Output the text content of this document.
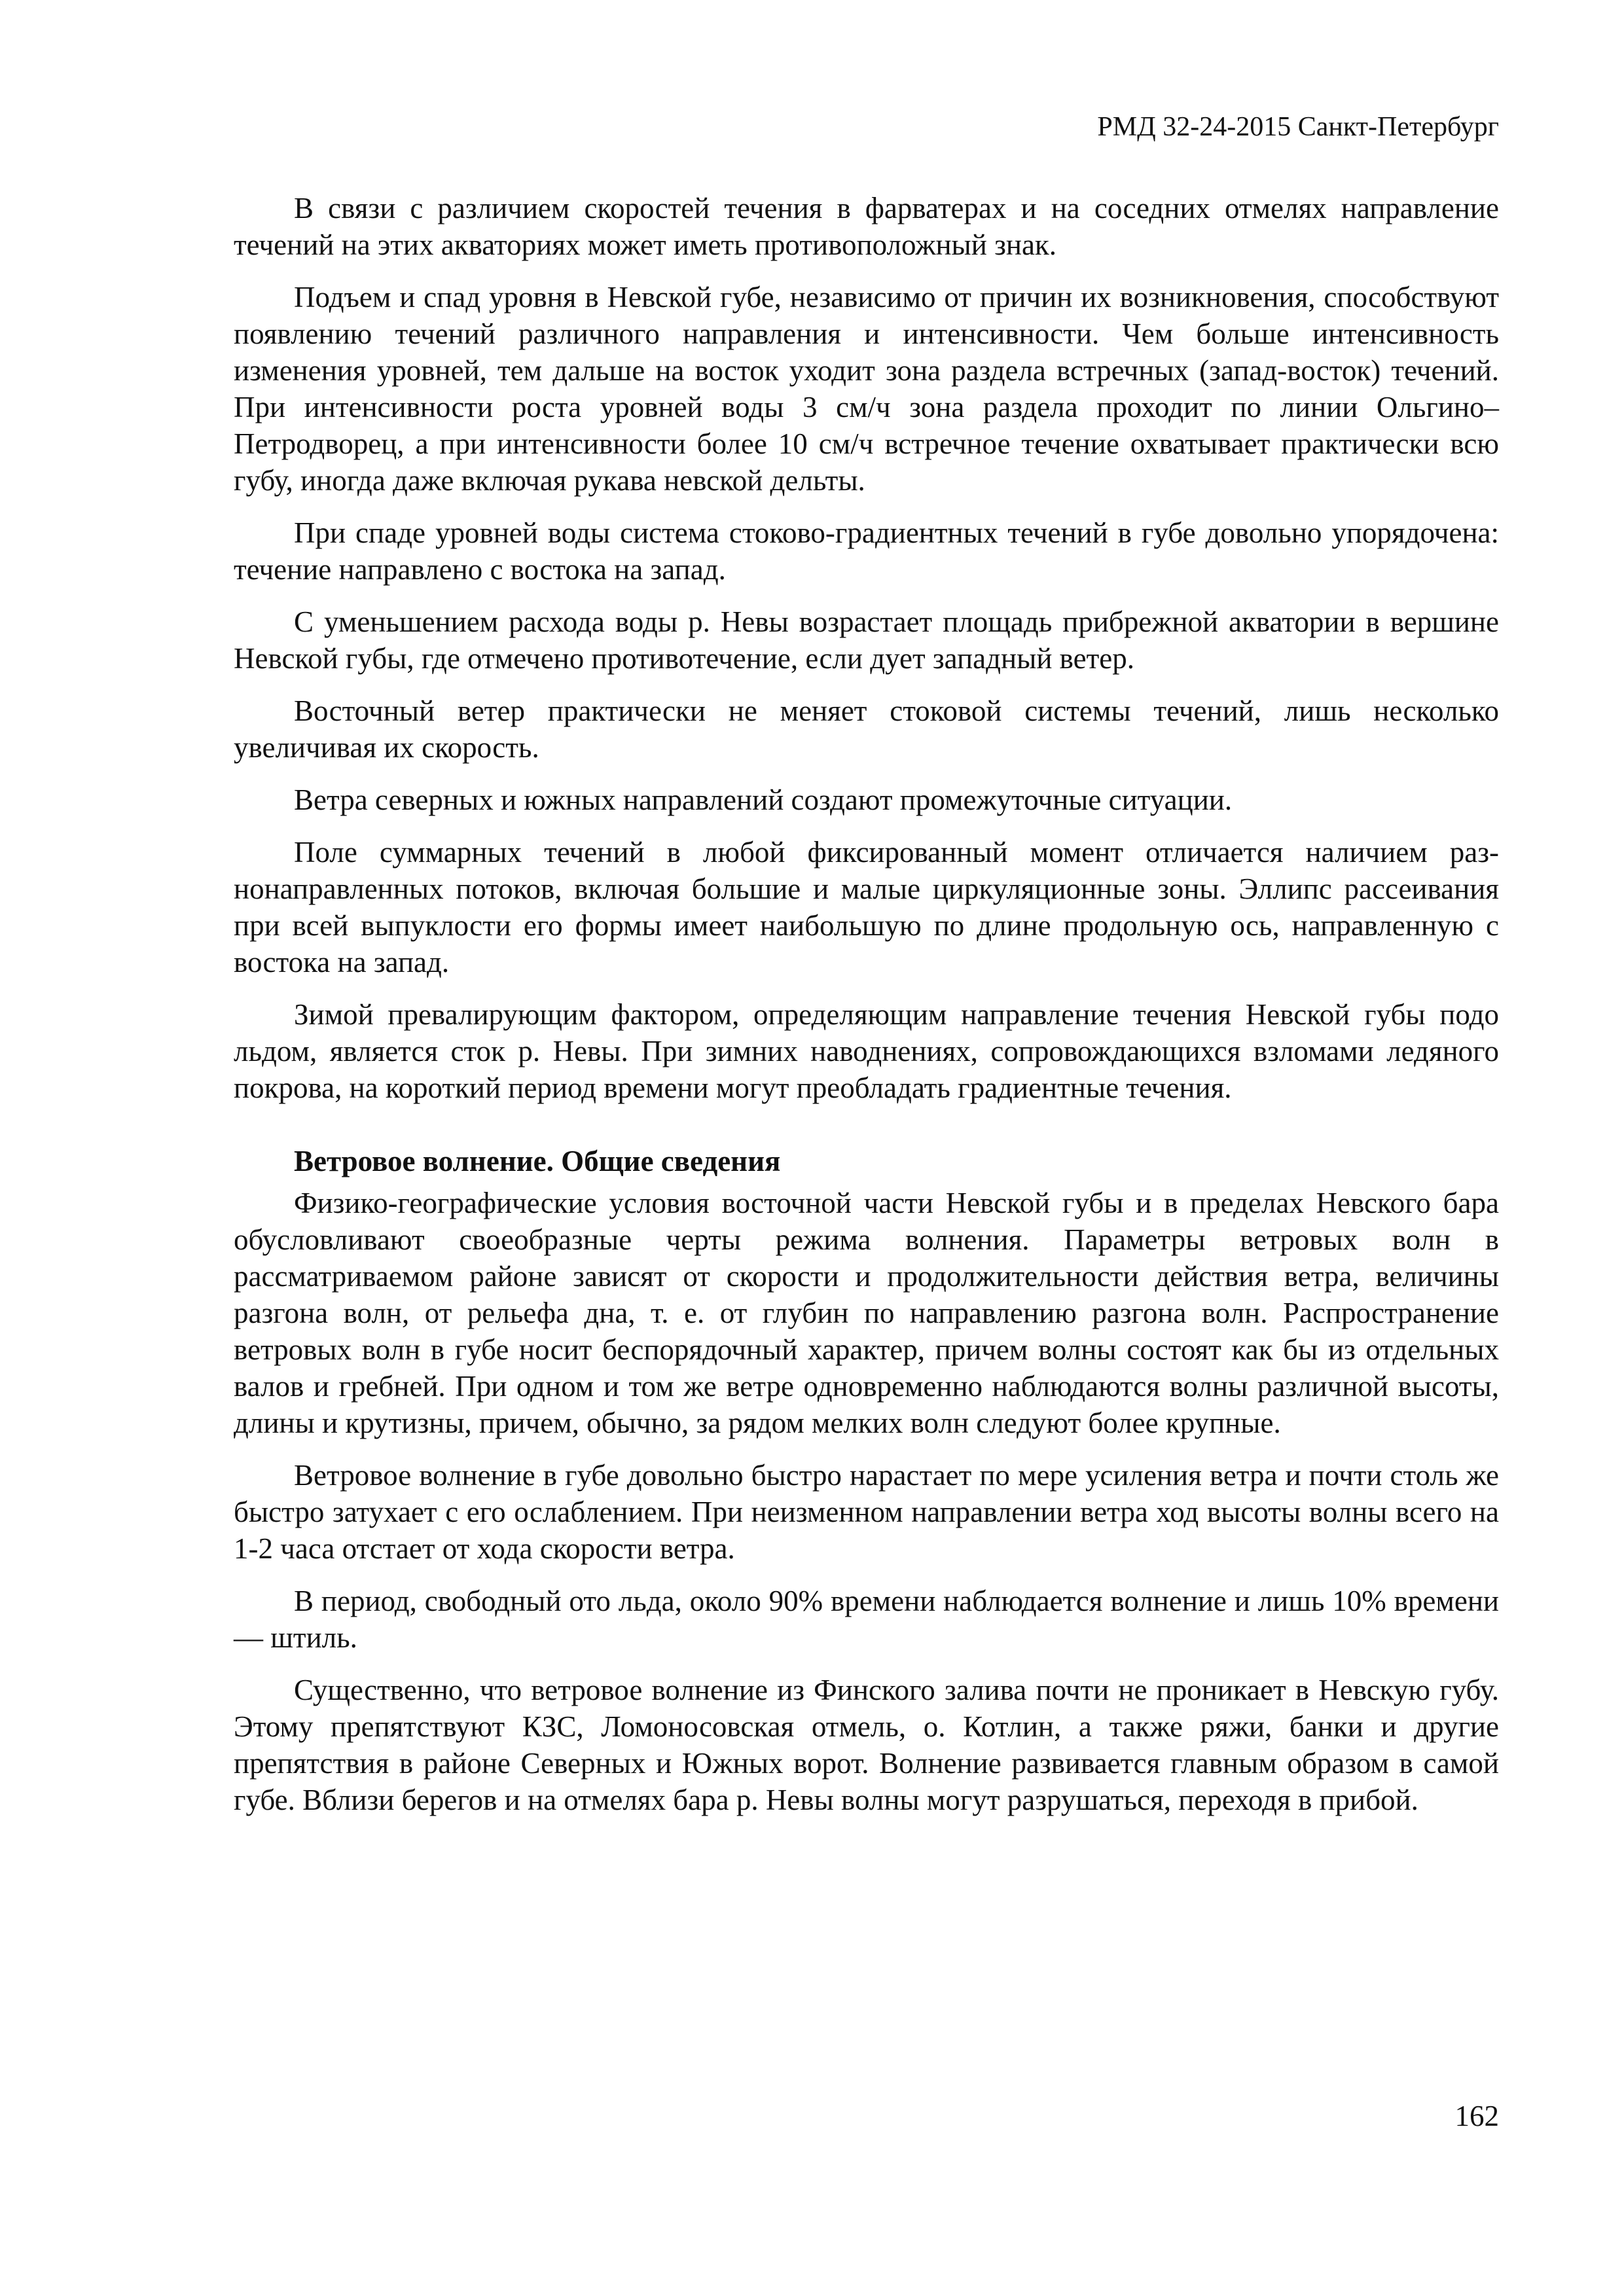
РМД 32-24-2015 Санкт-Петербург

В связи с различием скоростей течения в фарватерах и на соседних отмелях направление течений на этих акваториях может иметь противоположный знак.

Подъем и спад уровня в Невской губе, независимо от причин их возникновения, способствуют появлению течений различного направления и интенсивности. Чем больше интенсивность изменения уровней, тем дальше на восток уходит зона раздела встречных (запад-восток) течений. При интенсивности роста уровней воды 3 см/ч зона раздела проходит по линии Ольгино–Петродворец, а при интенсивности более 10 см/ч встречное течение охватывает практически всю губу, иногда даже включая рукава невской дельты.

При спаде уровней воды система стоково-градиентных течений в губе довольно упорядочена: течение направлено с востока на запад.

С уменьшением расхода воды р. Невы возрастает площадь прибрежной акватории в вершине Невской губы, где отмечено противотечение, если дует западный ветер.

Восточный ветер практически не меняет стоковой системы течений, лишь несколько увеличивая их скорость.

Ветра северных и южных направлений создают промежуточные ситуации.

Поле суммарных течений в любой фиксированный момент отличается наличием разнонаправленных потоков, включая большие и малые циркуляционные зоны. Эллипс рассеивания при всей выпуклости его формы имеет наибольшую по длине продольную ось, направленную с востока на запад.

Зимой превалирующим фактором, определяющим направление течения Невской губы подо льдом, является сток р. Невы. При зимних наводнениях, сопровождающихся взломами ледяного покрова, на короткий период времени могут преобладать градиентные течения.

Ветровое волнение. Общие сведения

Физико-географические условия восточной части Невской губы и в пределах Невского бара обусловливают своеобразные черты режима волнения. Параметры ветровых волн в рассматриваемом районе зависят от скорости и продолжительности действия ветра, величины разгона волн, от рельефа дна, т. е. от глубин по направлению разгона волн. Распространение ветровых волн в губе носит беспорядочный характер, причем волны состоят как бы из отдельных валов и гребней. При одном и том же ветре одновременно наблюдаются волны различной высоты, длины и крутизны, причем, обычно, за рядом мелких волн следуют более крупные.

Ветровое волнение в губе довольно быстро нарастает по мере усиления ветра и почти столь же быстро затухает с его ослаблением. При неизменном направлении ветра ход высоты волны всего на 1-2 часа отстает от хода скорости ветра.

В период, свободный ото льда, около 90% времени наблюдается волнение и лишь 10% времени — штиль.

Существенно, что ветровое волнение из Финского залива почти не проникает в Невскую губу. Этому препятствуют КЗС, Ломоносовская отмель, о. Котлин, а также ряжи, банки и другие препятствия в районе Северных и Южных ворот. Волнение развивается главным образом в самой губе. Вблизи берегов и на отмелях бара р. Невы волны могут разрушаться, переходя в прибой.

162
